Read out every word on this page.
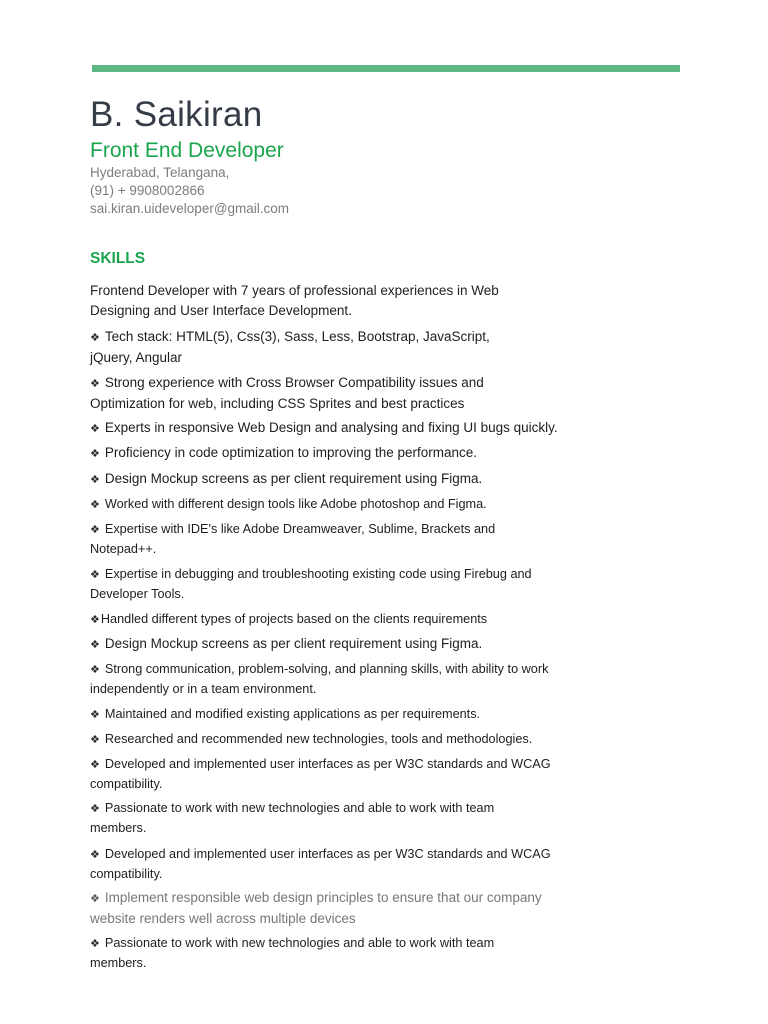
B. Saikiran
Front End Developer
Hyderabad, Telangana,
(91) + 9908002866
sai.kiran.uideveloper@gmail.com
SKILLS

Frontend Developer with 7 years of professional experiences in Web Designing and User Interface Development.

❖ Tech stack: HTML(5), Css(3), Sass, Less, Bootstrap, JavaScript, jQuery, Angular
❖ Strong experience with Cross Browser Compatibility issues and Optimization for web, including CSS Sprites and best practices
❖ Experts in responsive Web Design and analysing and fixing UI bugs quickly.
❖ Proficiency in code optimization to improving the performance.
❖ Design Mockup screens as per client requirement using Figma.
❖ Worked with different design tools like Adobe photoshop and Figma.
❖ Expertise with IDE's like Adobe Dreamweaver, Sublime, Brackets and Notepad++.
❖ Expertise in debugging and troubleshooting existing code using Firebug and Developer Tools.
❖Handled different types of projects based on the clients requirements
❖ Design Mockup screens as per client requirement using Figma.
❖ Strong communication, problem-solving, and planning skills, with ability to work independently or in a team environment.
❖ Maintained and modified existing applications as per requirements.
❖ Researched and recommended new technologies, tools and methodologies.
❖ Developed and implemented user interfaces as per W3C standards and WCAG compatibility.
❖ Passionate to work with new technologies and able to work with team members.
❖ Developed and implemented user interfaces as per W3C standards and WCAG compatibility.
❖ Implement responsible web design principles to ensure that our company website renders well across multiple devices
❖ Passionate to work with new technologies and able to work with team members.
